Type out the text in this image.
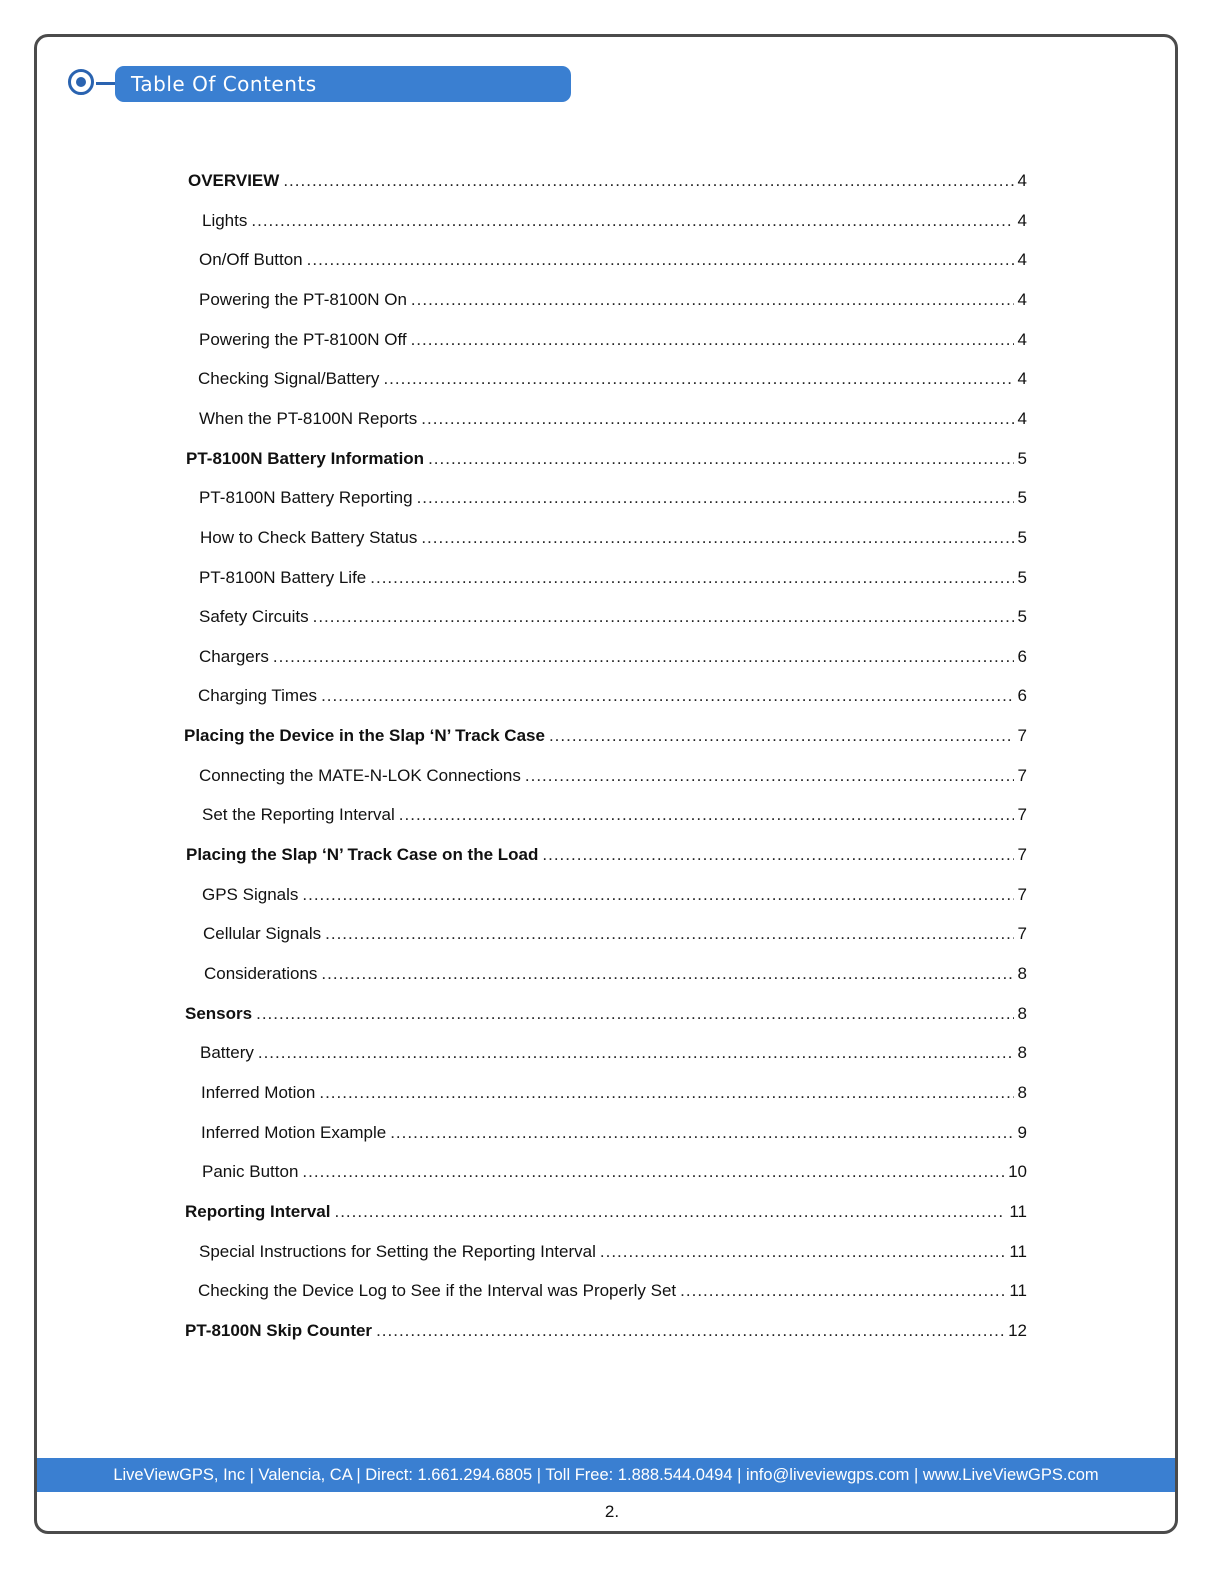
Table Of Contents
OVERVIEW .....	4
Lights .....	4
On/Off Button .....	4
Powering the PT-8100N On .....	4
Powering the PT-8100N Off .....	4
Checking Signal/Battery .....	4
When the PT-8100N Reports .....	4
PT-8100N Battery Information .....	5
PT-8100N Battery Reporting .....	5
How to Check Battery Status .....	5
PT-8100N Battery Life .....	5
Safety Circuits .....	5
Chargers .....	6
Charging Times .....	6
Placing the Device in the Slap ‘N’ Track Case .....	7
Connecting the MATE-N-LOK Connections .....	7
Set the Reporting Interval .....	7
Placing the Slap ‘N’ Track Case on the Load .....	7
GPS Signals .....	7
Cellular Signals .....	7
Considerations .....	8
Sensors .....	8
Battery .....	8
Inferred Motion .....	8
Inferred Motion Example .....	9
Panic Button .....	10
Reporting Interval .....	11
Special Instructions for Setting the Reporting Interval .....	11
Checking the Device Log to See if the Interval was Properly Set .....	11
PT-8100N Skip Counter .....	12
LiveViewGPS, Inc | Valencia, CA | Direct: 1.661.294.6805 | Toll Free: 1.888.544.0494 | info@liveviewgps.com | www.LiveViewGPS.com
2.
